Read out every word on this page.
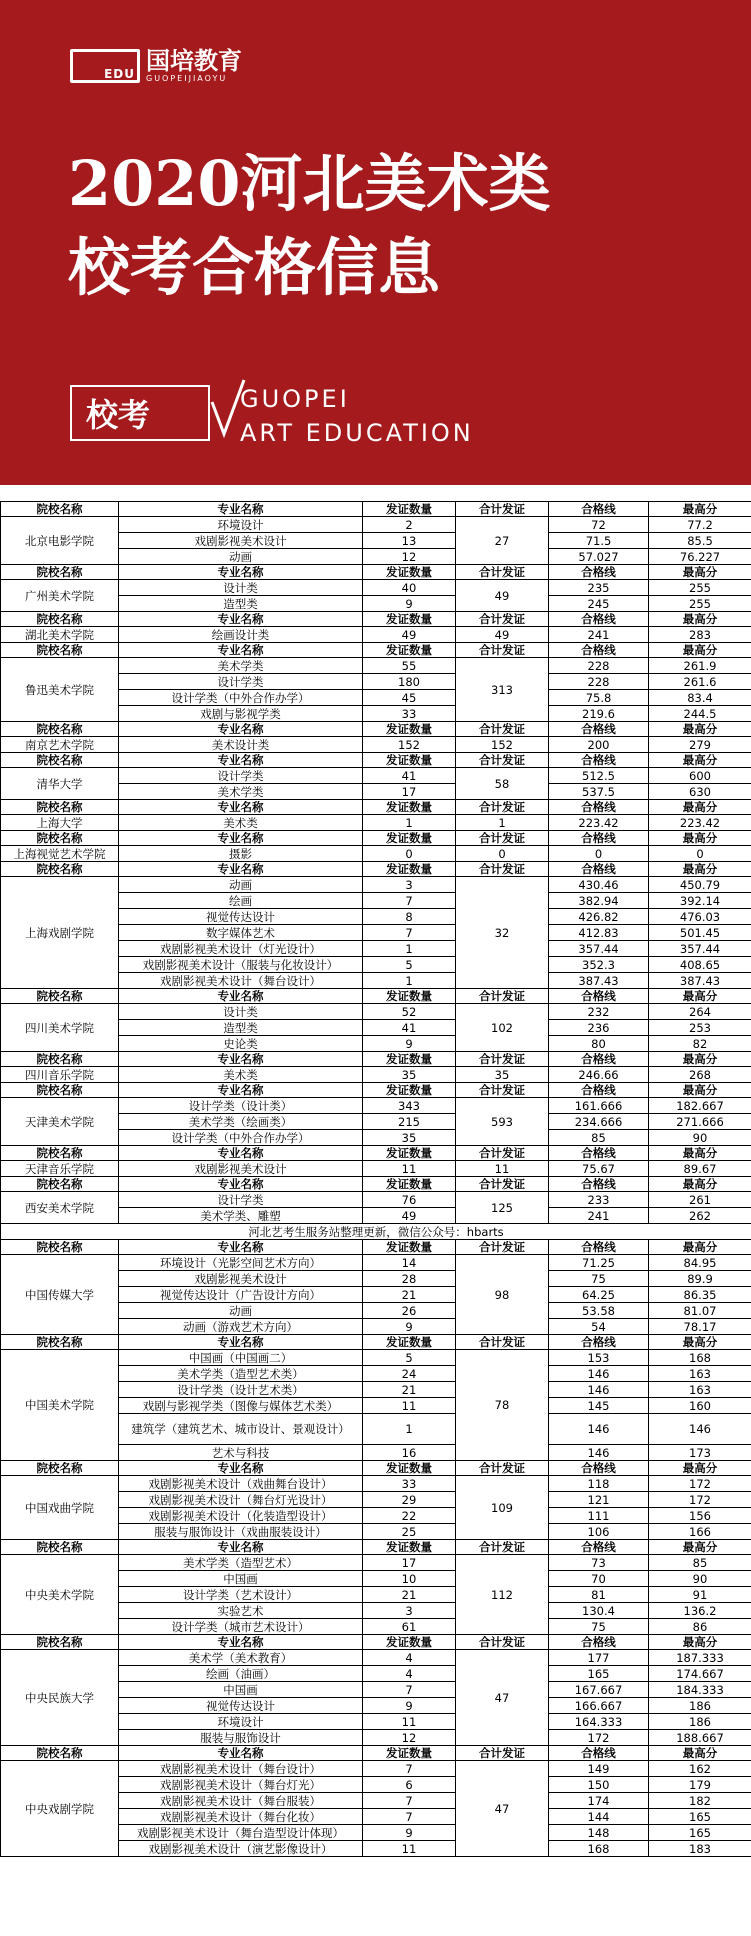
EDU 国培教育
GUOPEIJIAOYU
2020河北美术类
校考合格信息
校考	GUOPEI
ART EDUCATION
院校名称	专业名称	发证数量	合计发证	合格线	最高分
北京电影学院	环境设计	2	27	72	77.2
	戏剧影视美术设计	13		71.5	85.5
	动画	12		57.027	76.227
院校名称	专业名称	发证数量	合计发证	合格线	最高分
广州美术学院	设计类	40	49	235	255
	造型类	9		245	255
院校名称	专业名称	发证数量	合计发证	合格线	最高分
湖北美术学院	绘画设计类	49	49	241	283
院校名称	专业名称	发证数量	合计发证	合格线	最高分
鲁迅美术学院	美术学类	55	313	228	261.9
	设计学类	180		228	261.6
	设计学类（中外合作办学）	45		75.8	83.4
	戏剧与影视学类	33		219.6	244.5
院校名称	专业名称	发证数量	合计发证	合格线	最高分
南京艺术学院	美术设计类	152	152	200	279
院校名称	专业名称	发证数量	合计发证	合格线	最高分
清华大学	设计学类	41	58	512.5	600
	美术学类	17		537.5	630
院校名称	专业名称	发证数量	合计发证	合格线	最高分
上海大学	美术类	1	1	223.42	223.42
院校名称	专业名称	发证数量	合计发证	合格线	最高分
上海视觉艺术学院	摄影	0	0	0	0
院校名称	专业名称	发证数量	合计发证	合格线	最高分
上海戏剧学院	动画	3	32	430.46	450.79
	绘画	7		382.94	392.14
	视觉传达设计	8		426.82	476.03
	数字媒体艺术	7		412.83	501.45
	戏剧影视美术设计（灯光设计）	1		357.44	357.44
	戏剧影视美术设计（服装与化妆设计）	5		352.3	408.65
	戏剧影视美术设计（舞台设计）	1		387.43	387.43
院校名称	专业名称	发证数量	合计发证	合格线	最高分
四川美术学院	设计类	52	102	232	264
	造型类	41		236	253
	史论类	9		80	82
院校名称	专业名称	发证数量	合计发证	合格线	最高分
四川音乐学院	美术类	35	35	246.66	268
院校名称	专业名称	发证数量	合计发证	合格线	最高分
天津美术学院	设计学类（设计类）	343	593	161.666	182.667
	美术学类（绘画类）	215		234.666	271.666
	设计学类（中外合作办学）	35		85	90
院校名称	专业名称	发证数量	合计发证	合格线	最高分
天津音乐学院	戏剧影视美术设计	11	11	75.67	89.67
院校名称	专业名称	发证数量	合计发证	合格线	最高分
西安美术学院	设计学类	76	125	233	261
	美术学类、雕塑	49		241	262
河北艺考生服务站整理更新，微信公众号：hbarts					
院校名称	专业名称	发证数量	合计发证	合格线	最高分
中国传媒大学	环境设计（光影空间艺术方向）	14	98	71.25	84.95
	戏剧影视美术设计	28		75	89.9
	视觉传达设计（广告设计方向）	21		64.25	86.35
	动画	26		53.58	81.07
	动画（游戏艺术方向）	9		54	78.17
院校名称	专业名称	发证数量	合计发证	合格线	最高分
中国美术学院	中国画（中国画二）	5	78	153	168
	美术学类（造型艺术类）	24		146	163
	设计学类（设计艺术类）	21		146	163
	戏剧与影视学类（图像与媒体艺术类）	11		145	160
	建筑学（建筑艺术、城市设计、景观设计）	1		146	146
	艺术与科技	16		146	173
院校名称	专业名称	发证数量	合计发证	合格线	最高分
中国戏曲学院	戏剧影视美术设计（戏曲舞台设计）	33	109	118	172
	戏剧影视美术设计（舞台灯光设计）	29		121	172
	戏剧影视美术设计（化装造型设计）	22		111	156
	服装与服饰设计（戏曲服装设计）	25		106	166
院校名称	专业名称	发证数量	合计发证	合格线	最高分
中央美术学院	美术学类（造型艺术）	17	112	73	85
	中国画	10		70	90
	设计学类（艺术设计）	21		81	91
	实验艺术	3		130.4	136.2
	设计学类（城市艺术设计）	61		75	86
院校名称	专业名称	发证数量	合计发证	合格线	最高分
中央民族大学	美术学（美术教育）	4	47	177	187.333
	绘画（油画）	4		165	174.667
	中国画	7		167.667	184.333
	视觉传达设计	9		166.667	186
	环境设计	11		164.333	186
	服装与服饰设计	12		172	188.667
院校名称	专业名称	发证数量	合计发证	合格线	最高分
中央戏剧学院	戏剧影视美术设计（舞台设计）	7	47	149	162
	戏剧影视美术设计（舞台灯光）	6		150	179
	戏剧影视美术设计（舞台服装）	7		174	182
	戏剧影视美术设计（舞台化妆）	7		144	165
	戏剧影视美术设计（舞台造型设计体现）	9		148	165
	戏剧影视美术设计（演艺影像设计）	11		168	183
